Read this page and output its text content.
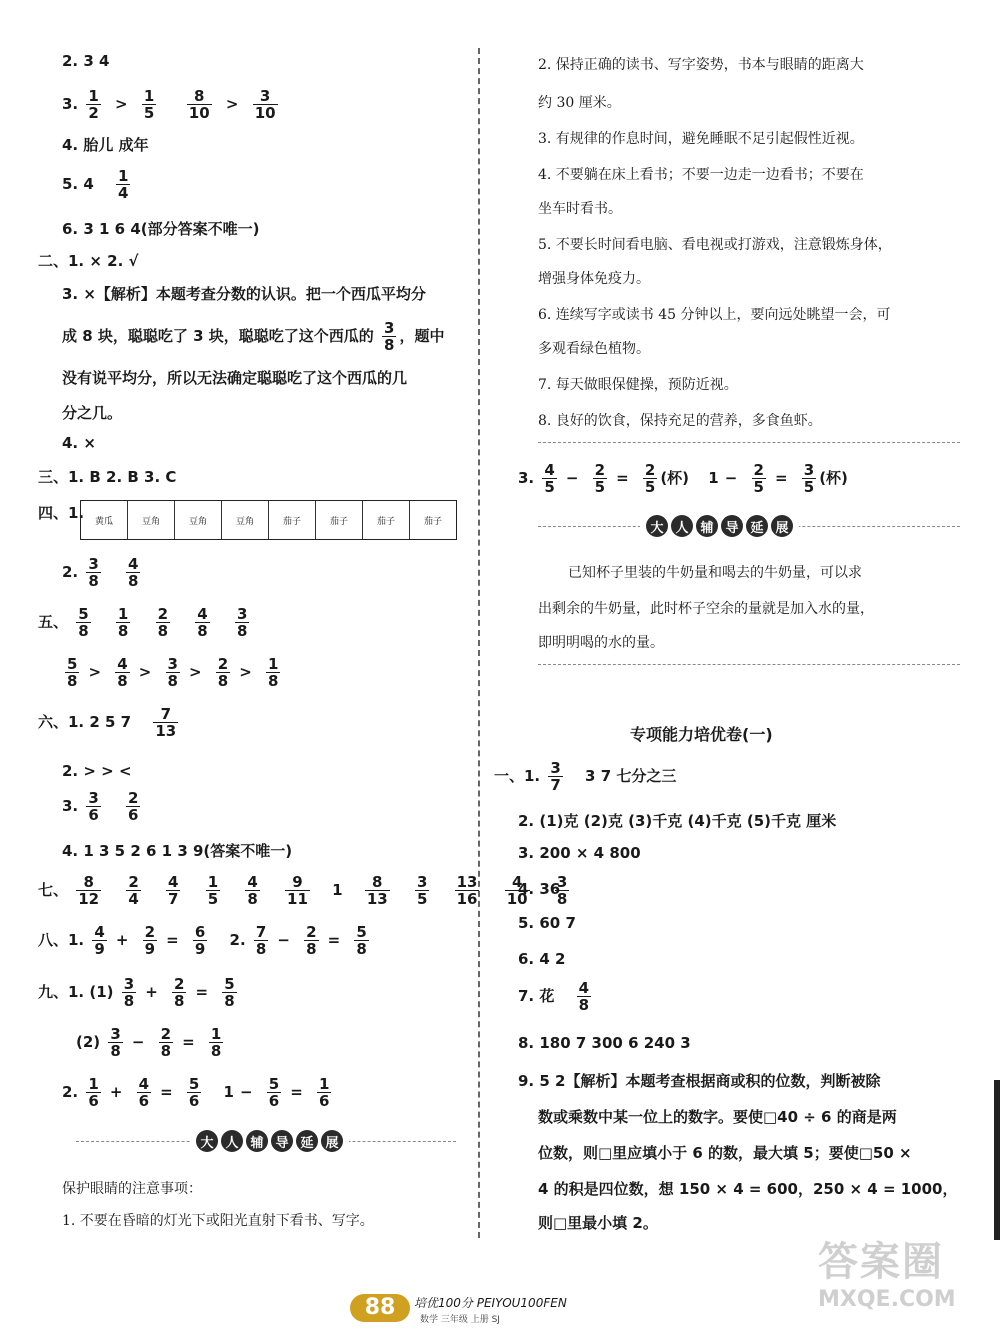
2. 3 4
3. $\frac{1}{2} > \frac{1}{5}$
$\frac{8}{10} > \frac{3}{10}$
4. 胎儿 成年
5. $4 \frac{1}{4}$
6. 3 1 6 4(部分答案不唯一)
二、1. × 2. √
3. ×【解析】本题考查分数的认识。把一个西瓜平均分
成 8 块，聪聪吃了 3 块，聪聪吃了这个西瓜的 $\frac{3}{8}$ ，题中
没有说平均分，所以无法确定聪聪吃了这个西瓜的几
分之几。
4. ×
三、1. B 2. B 3. C
四、1.	黄瓜	豆角	豆角	豆角	茄子	茄子	茄子	茄子
2. $\frac{3}{8}$
$\frac{4}{8}$
五、 $\frac{5}{8}$
$\frac{1}{8}$
$\frac{2}{8}$
$\frac{4}{8}$
$\frac{3}{8}$
$\frac{5}{8} > \frac{4}{8} > \frac{3}{8} > \frac{2}{8} > \frac{1}{8}$
六、1. 2 5 $7 \frac{7}{13}$
2. > > <
3. $\frac{3}{6}$
$\frac{2}{6}$
4. 1 3 5 2 6 1 3 9(答案不唯一)
七、 $\frac{8}{12}$
$\frac{2}{4}$
$\frac{4}{7}$
$\frac{1}{5}$
$\frac{4}{8}$
$\frac{9}{11} 1 \frac{8}{13}$
$\frac{3}{5}$
$\frac{13}{16}$
$\frac{4}{10}$
$\frac{3}{8}$
八、1. $\frac{4}{9} + \frac{2}{9} = \frac{6}{9} 2$. $\frac{7}{8} - \frac{2}{8} = \frac{5}{8}$
九、1. $(1) \frac{3}{8} + \frac{2}{8} = \frac{5}{8}$
$(2) \frac{3}{8} - \frac{2}{8} = \frac{1}{8}$
2. $\frac{1}{6} + \frac{4}{6} = \frac{5}{6} 1 - \frac{5}{6} = \frac{1}{6}$
大 人 辅 导 延 展
保护眼睛的注意事项：
1. 不要在昏暗的灯光下或阳光直射下看书、写字。
2. 保持正确的读书、写字姿势，书本与眼睛的距离大
约 30 厘米。
3. 有规律的作息时间，避免睡眠不足引起假性近视。
4. 不要躺在床上看书；不要一边走一边看书；不要在
坐车时看书。
5. 不要长时间看电脑、看电视或打游戏，注意锻炼身体，
增强身体免疫力。
6. 连续写字或读书 45 分钟以上，要向远处眺望一会，可
多观看绿色植物。
7. 每天做眼保健操，预防近视。
8. 良好的饮食，保持充足的营养，多食鱼虾。
3. $\frac{4}{5} - \frac{2}{5} = \frac{2}{5}$ (杯) $1 - \frac{2}{5} = \frac{3}{5}$ (杯)
大 人 辅 导 延 展
已知杯子里装的牛奶量和喝去的牛奶量，可以求
出剩余的牛奶量，此时杯子空余的量就是加入水的量，
即明明喝的水的量。
专项能力培优卷(一)
一、1. $\frac{3}{7} 3$ 7 七分之三
2. (1)克 (2)克 (3)千克 (4)千克 (5)千克 厘米
3. 200 × 4 800
4. 36
5. 60 7
6. 4 2
7. 花 $\frac{4}{8}$
8. 180 7 300 6 240 3
9. 5 2【解析】本题考查根据商或积的位数，判断被除
数或乘数中某一位上的数字。要使□40 ÷ 6 的商是两
位数，则□里应填小于 6 的数，最大填 5；要使□50 ×
4 的积是四位数，想 150 × 4 = 600，250 × 4 = 1000，
则□里最小填 2。
88	培优100分 PEIYOU100FEN
数学 三年级 上册 SJ
答案圈
MXQE.COM
